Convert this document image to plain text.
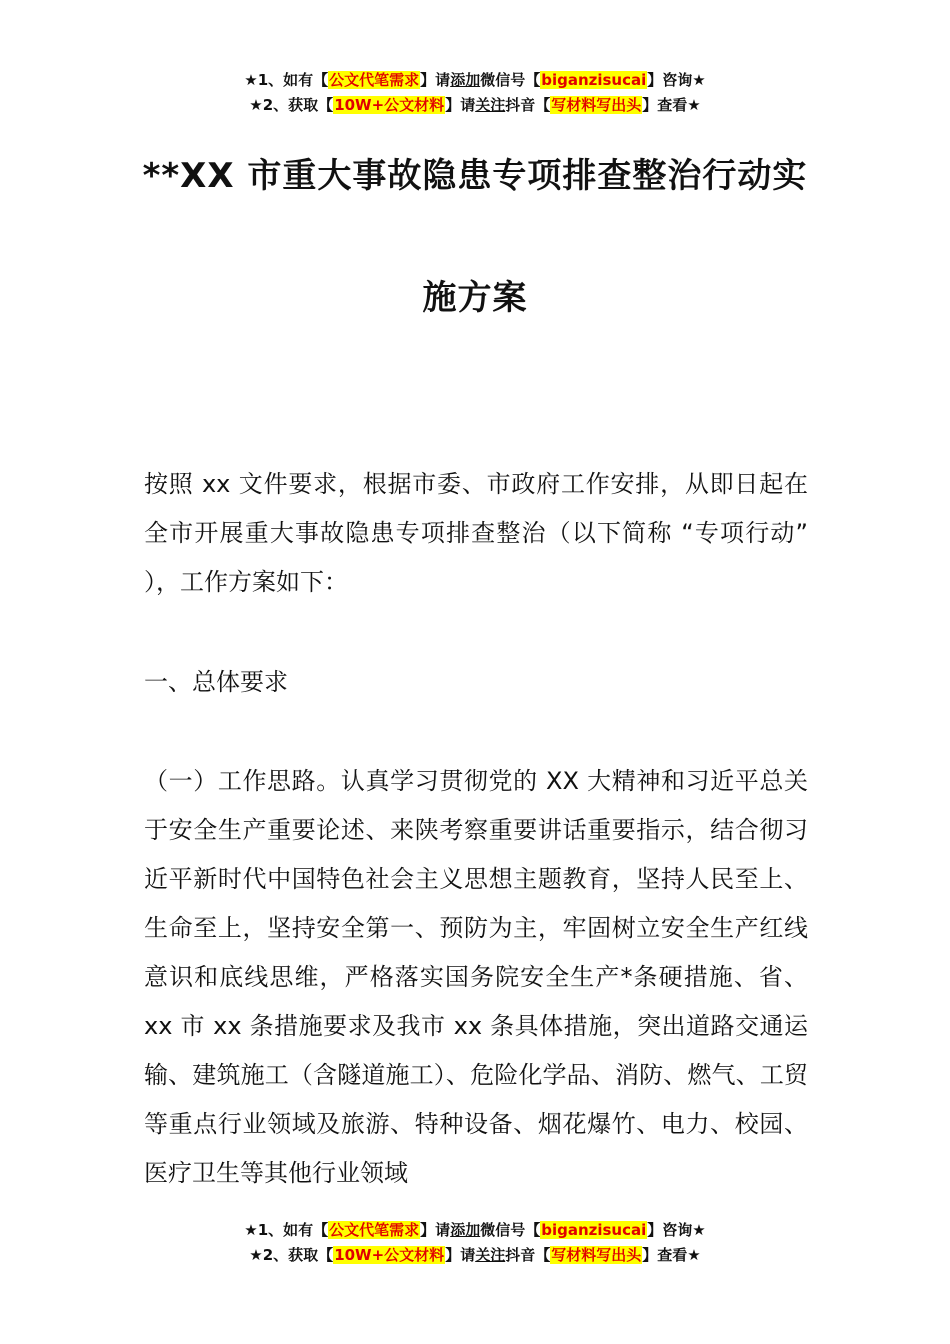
★1、如有【公文代笔需求】请添加微信号【biganzisucai】咨询★
★2、获取【10W+公文材料】请关注抖音【写材料写出头】查看★
**XX 市重大事故隐患专项排查整治行动实
施方案
按照 xx 文件要求，根据市委、市政府工作安排，从即日起在全市开展重大事故隐患专项排查整治（以下简称 “专项行动” ），工作方案如下：
一、总体要求
（一）工作思路。认真学习贯彻党的 XX 大精神和习近平总关于安全生产重要论述、来陕考察重要讲话重要指示，结合彻习近平新时代中国特色社会主义思想主题教育，坚持人民至上、生命至上，坚持安全第一、预防为主，牢固树立安全生产红线意识和底线思维，严格落实国务院安全生产*条硬措施、省、xx 市 xx 条措施要求及我市 xx 条具体措施，突出道路交通运输、建筑施工（含隧道施工）、危险化学品、消防、燃气、工贸等重点行业领域及旅游、特种设备、烟花爆竹、电力、校园、医疗卫生等其他行业领域
★1、如有【公文代笔需求】请添加微信号【biganzisucai】咨询★
★2、获取【10W+公文材料】请关注抖音【写材料写出头】查看★
